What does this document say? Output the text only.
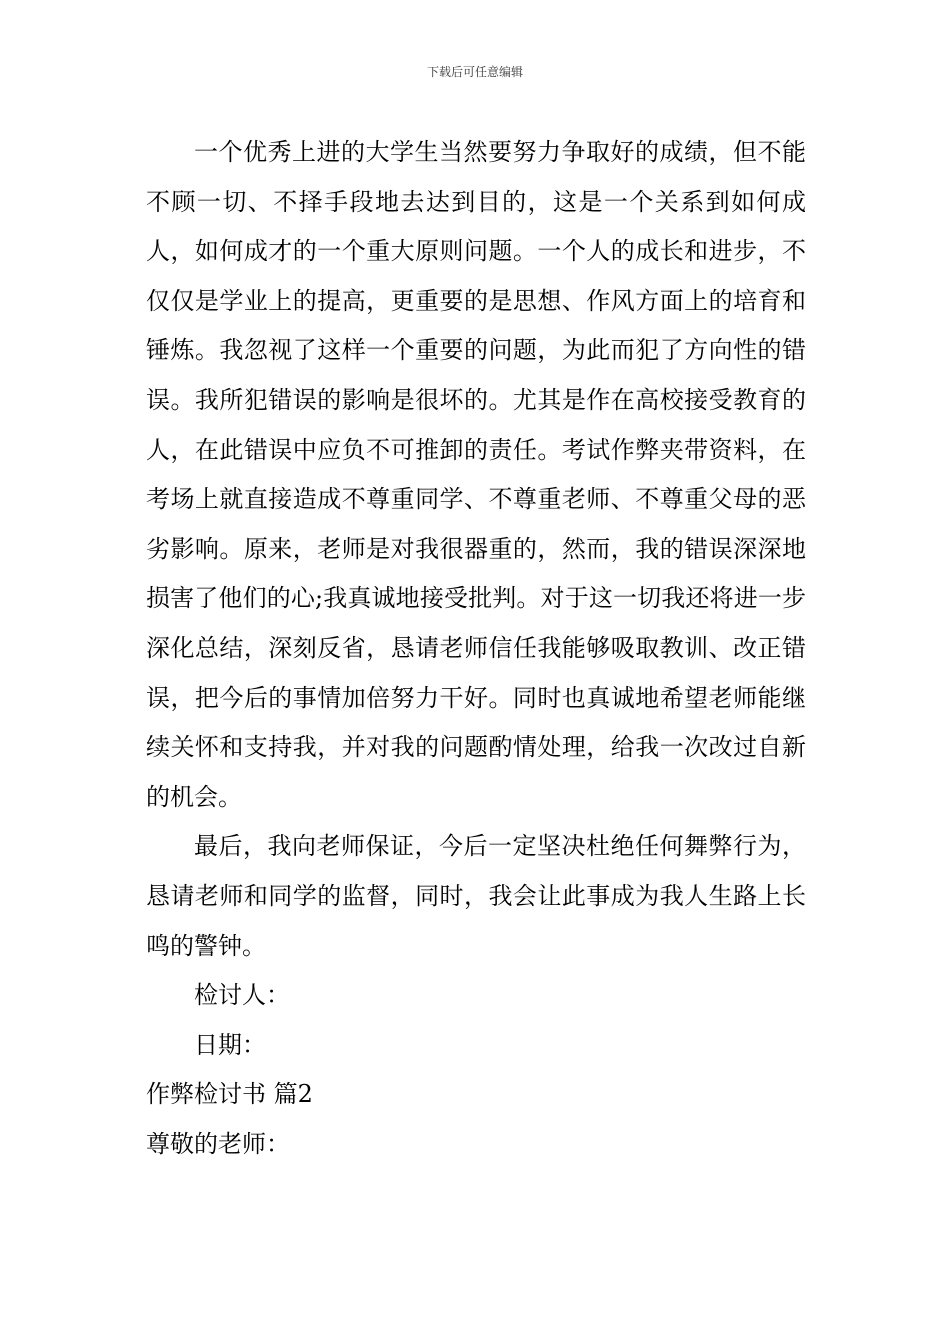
下载后可任意编辑

一个优秀上进的大学生当然要努力争取好的成绩，但不能不顾一切、不择手段地去达到目的，这是一个关系到如何成人，如何成才的一个重大原则问题。一个人的成长和进步，不仅仅是学业上的提高，更重要的是思想、作风方面上的培育和锤炼。我忽视了这样一个重要的问题，为此而犯了方向性的错误。我所犯错误的影响是很坏的。尤其是作在高校接受教育的人，在此错误中应负不可推卸的责任。考试作弊夹带资料，在考场上就直接造成不尊重同学、不尊重老师、不尊重父母的恶劣影响。原来，老师是对我很器重的，然而，我的错误深深地损害了他们的心;我真诚地接受批判。对于这一切我还将进一步深化总结，深刻反省，恳请老师信任我能够吸取教训、改正错误，把今后的事情加倍努力干好。同时也真诚地希望老师能继续关怀和支持我，并对我的问题酌情处理，给我一次改过自新的机会。

最后，我向老师保证，今后一定坚决杜绝任何舞弊行为，恳请老师和同学的监督，同时，我会让此事成为我人生路上长鸣的警钟。

检讨人：

日期：

作弊检讨书 篇2

尊敬的老师：
